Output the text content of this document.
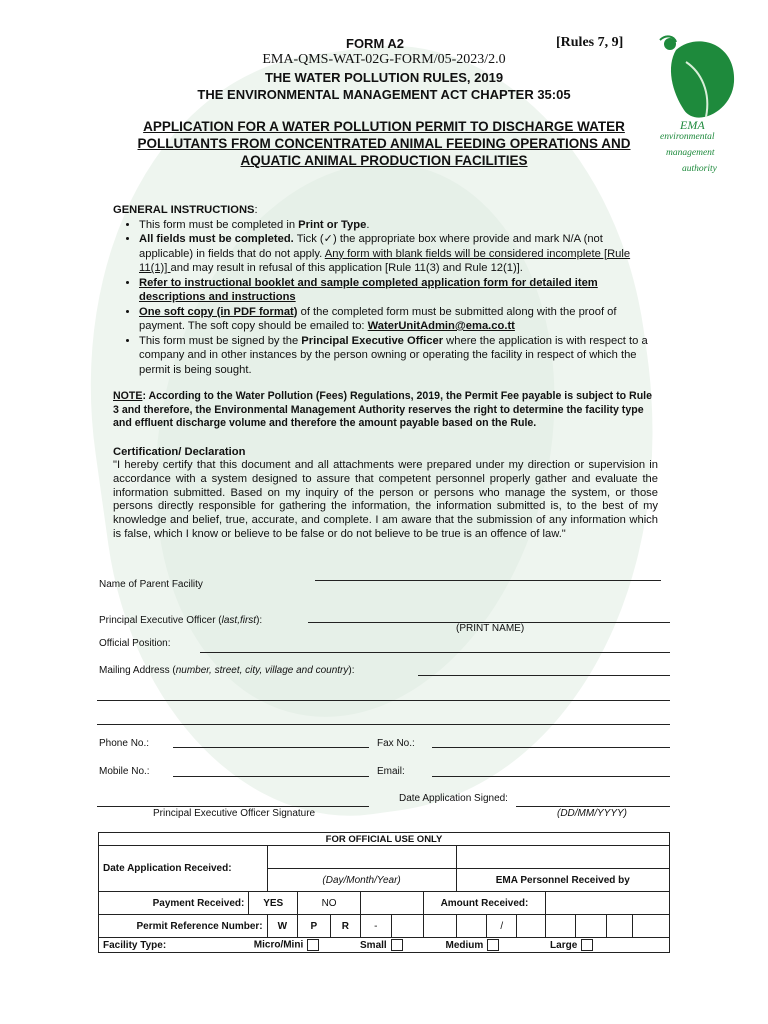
FORM A2	[Rules 7, 9]
EMA-QMS-WAT-02G-FORM/05-2023/2.0
THE WATER POLLUTION RULES, 2019
THE ENVIRONMENTAL MANAGEMENT ACT CHAPTER 35:05
APPLICATION FOR A WATER POLLUTION PERMIT TO DISCHARGE WATER
POLLUTANTS FROM CONCENTRATED ANIMAL FEEDING OPERATIONS AND
AQUATIC ANIMAL PRODUCTION FACILITIES
EMA
environmental
management
authority
GENERAL INSTRUCTIONS:
• This form must be completed in Print or Type.
• All fields must be completed. Tick (✓) the appropriate box where provide and mark N/A (not applicable) in fields that do not apply. Any form with blank fields will be considered incomplete [Rule 11(1)] and may result in refusal of this application [Rule 11(3) and Rule 12(1)].
• Refer to instructional booklet and sample completed application form for detailed item descriptions and instructions
• One soft copy (in PDF format) of the completed form must be submitted along with the proof of payment. The soft copy should be emailed to: WaterUnitAdmin@ema.co.tt
• This form must be signed by the Principal Executive Officer where the application is with respect to a company and in other instances by the person owning or operating the facility in respect of which the permit is being sought.
NOTE: According to the Water Pollution (Fees) Regulations, 2019, the Permit Fee payable is subject to Rule 3 and therefore, the Environmental Management Authority reserves the right to determine the facility type and effluent discharge volume and therefore the amount payable based on the Rule.
Certification/ Declaration
"I hereby certify that this document and all attachments were prepared under my direction or supervision in accordance with a system designed to assure that competent personnel properly gather and evaluate the information submitted. Based on my inquiry of the person or persons who manage the system, or those persons directly responsible for gathering the information, the information submitted is, to the best of my knowledge and belief, true, accurate, and complete. I am aware that the submission of any information which is false, which I know or believe to be false or do not believe to be true is an offence of law."
Name of Parent Facility
Principal Executive Officer (last,first):
(PRINT NAME)
Official Position:
Mailing Address (number, street, city, village and country):
Phone No.:	Fax No.:
Mobile No.:	Email:
Date Application Signed:
Principal Executive Officer Signature	(DD/MM/YYYY)
FOR OFFICIAL USE ONLY														
Date Application Received:														
		(Day/Month/Year)						EMA Personnel Received by						
Payment Received:	YES		NO				Amount Received:							
Permit Reference Number:		W	P	R	-				/					
Facility Type: Micro/Mini Small Medium Large														
